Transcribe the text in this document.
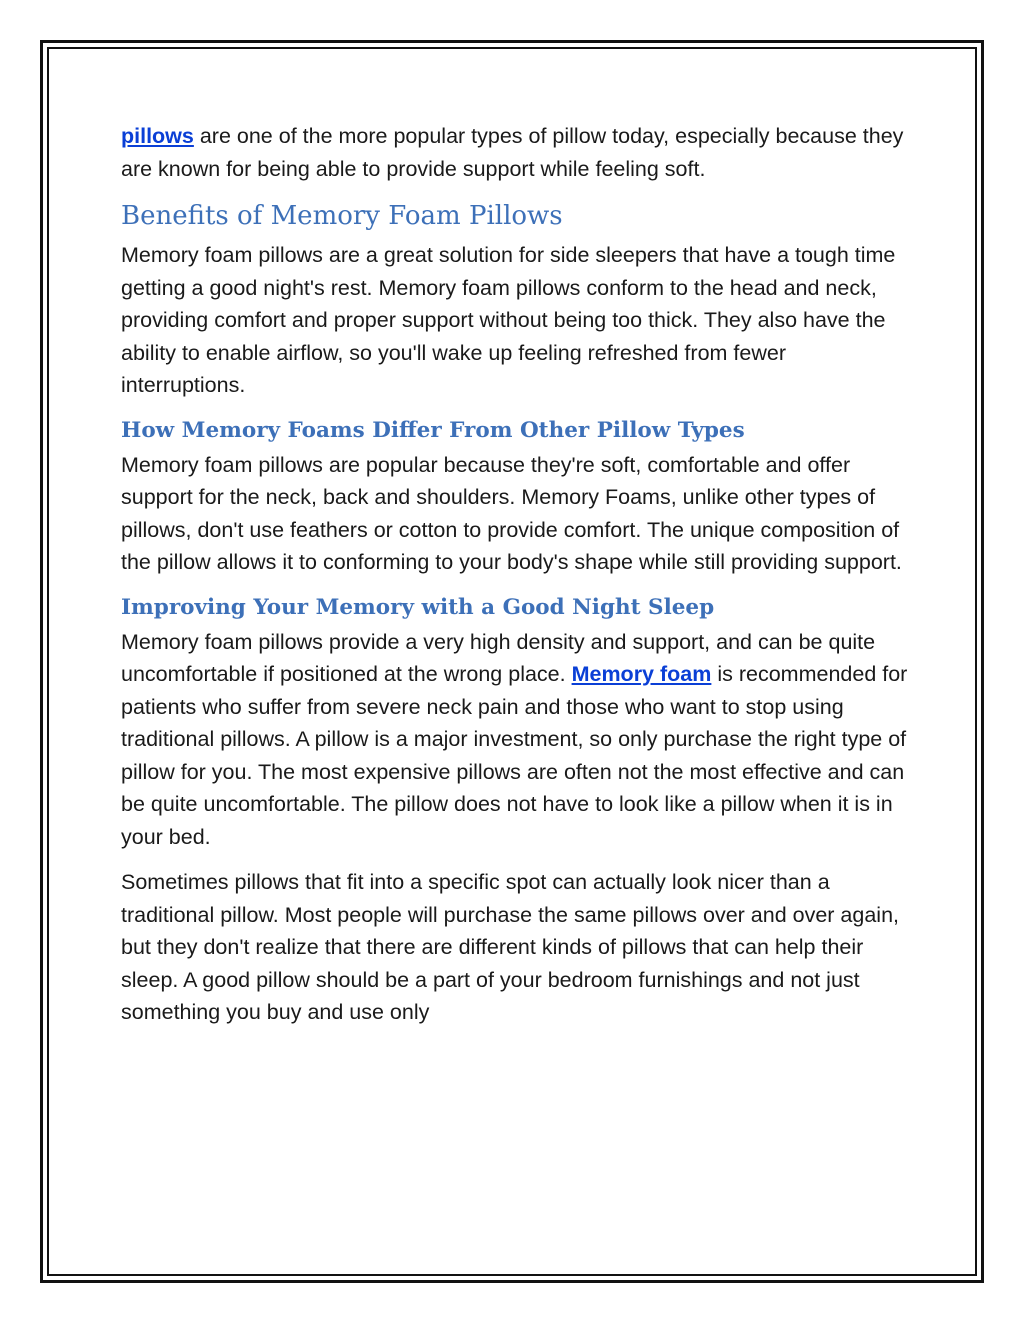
pillows are one of the more popular types of pillow today, especially because they are known for being able to provide support while feeling soft.

Benefits of Memory Foam Pillows

Memory foam pillows are a great solution for side sleepers that have a tough time getting a good night's rest. Memory foam pillows conform to the head and neck, providing comfort and proper support without being too thick. They also have the ability to enable airflow, so you'll wake up feeling refreshed from fewer interruptions.

How Memory Foams Differ From Other Pillow Types

Memory foam pillows are popular because they're soft, comfortable and offer support for the neck, back and shoulders. Memory Foams, unlike other types of pillows, don't use feathers or cotton to provide comfort. The unique composition of the pillow allows it to conforming to your body's shape while still providing support.

Improving Your Memory with a Good Night Sleep

Memory foam pillows provide a very high density and support, and can be quite uncomfortable if positioned at the wrong place. Memory foam is recommended for patients who suffer from severe neck pain and those who want to stop using traditional pillows. A pillow is a major investment, so only purchase the right type of pillow for you. The most expensive pillows are often not the most effective and can be quite uncomfortable. The pillow does not have to look like a pillow when it is in your bed.

Sometimes pillows that fit into a specific spot can actually look nicer than a traditional pillow. Most people will purchase the same pillows over and over again, but they don't realize that there are different kinds of pillows that can help their sleep. A good pillow should be a part of your bedroom furnishings and not just something you buy and use only
